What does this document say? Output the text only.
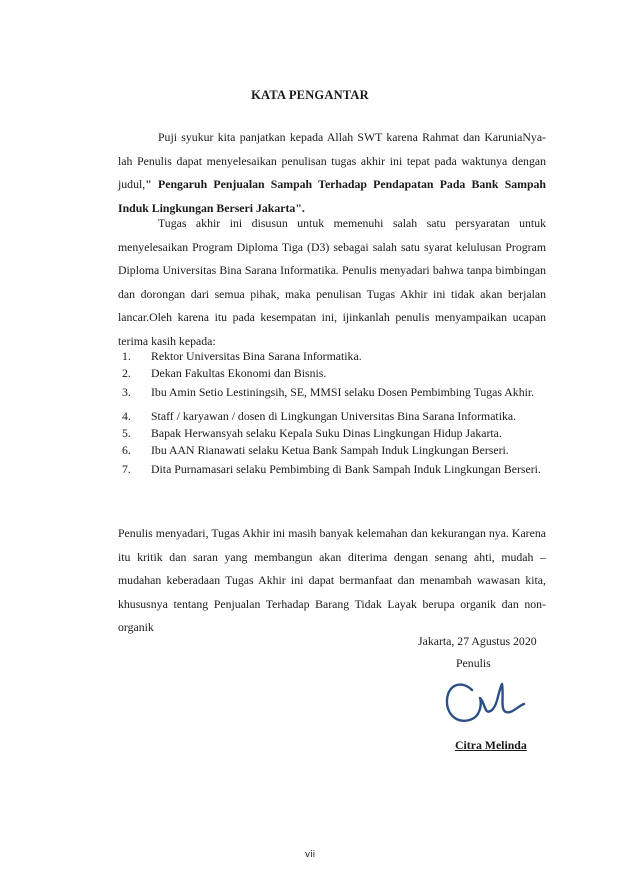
KATA PENGANTAR

Puji syukur kita panjatkan kepada Allah SWT karena Rahmat dan KaruniaNya-lah Penulis dapat menyelesaikan penulisan tugas akhir ini tepat pada waktunya dengan judul," Pengaruh Penjualan Sampah Terhadap Pendapatan Pada Bank Sampah Induk Lingkungan Berseri Jakarta".

Tugas akhir ini disusun untuk memenuhi salah satu persyaratan untuk menyelesaikan Program Diploma Tiga (D3) sebagai salah satu syarat kelulusan Program Diploma Universitas Bina Sarana Informatika. Penulis menyadari bahwa tanpa bimbingan dan dorongan dari semua pihak, maka penulisan Tugas Akhir ini tidak akan berjalan lancar.Oleh karena itu pada kesempatan ini, ijinkanlah penulis menyampaikan ucapan terima kasih kepada:

1. Rektor Universitas Bina Sarana Informatika.
2. Dekan Fakultas Ekonomi dan Bisnis.
3. Ibu Amin Setio Lestiningsih, SE, MMSI selaku Dosen Pembimbing Tugas Akhir.
4. Staff / karyawan / dosen di Lingkungan Universitas Bina Sarana Informatika.
5. Bapak Herwansyah selaku Kepala Suku Dinas Lingkungan Hidup Jakarta.
6. Ibu AAN Rianawati selaku Ketua Bank Sampah Induk Lingkungan Berseri.
7. Dita Purnamasari selaku Pembimbing di Bank Sampah Induk Lingkungan Berseri.

Penulis menyadari, Tugas Akhir ini masih banyak kelemahan dan kekurangan nya. Karena itu kritik dan saran yang membangun akan diterima dengan senang ahti, mudah – mudahan keberadaan Tugas Akhir ini dapat bermanfaat dan menambah wawasan kita, khususnya tentang Penjualan Terhadap Barang Tidak Layak berupa organik dan non-organik

Jakarta, 27 Agustus 2020
Penulis
Citra Melinda
vii
